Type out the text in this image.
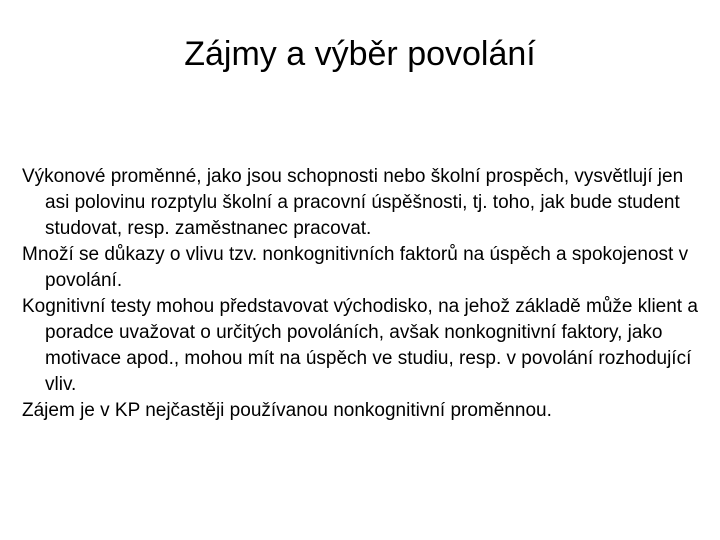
Zájmy a výběr povolání
Výkonové proměnné, jako jsou schopnosti nebo školní prospěch, vysvětlují jen asi polovinu rozptylu školní a pracovní úspěšnosti, tj. toho, jak bude student studovat, resp. zaměstnanec pracovat.
Množí se důkazy o vlivu tzv. nonkognitivních faktorů na úspěch a spokojenost v povolání.
Kognitivní testy mohou představovat východisko, na jehož základě může klient a poradce uvažovat o určitých povoláních, avšak nonkognitivní faktory, jako motivace apod., mohou mít na úspěch ve studiu, resp. v povolání rozhodující vliv.
Zájem je v KP nejčastěji používanou nonkognitivní proměnnou.
